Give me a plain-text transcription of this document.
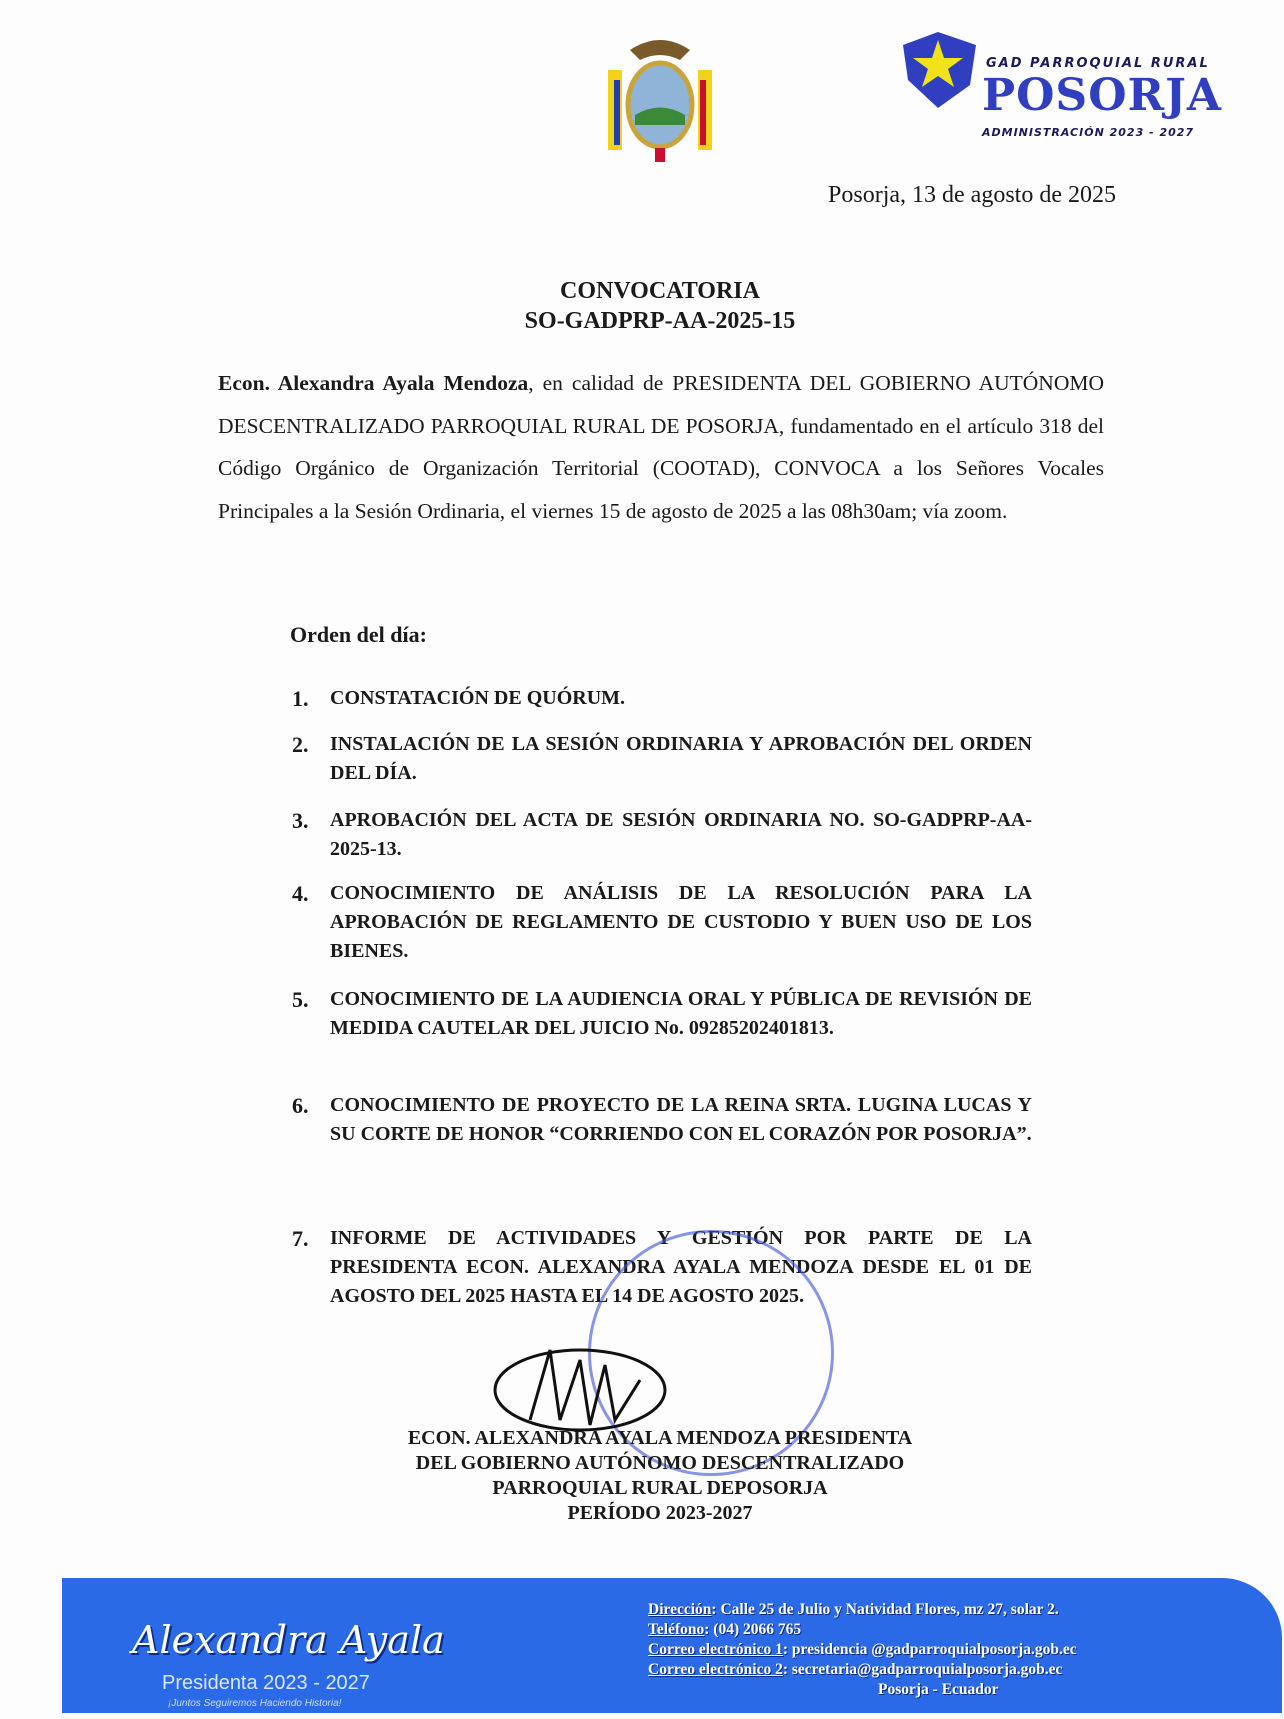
GAD PARROQUIAL RURAL
POSORJA
ADMINISTRACIÓN 2023 - 2027
Posorja, 13 de agosto de 2025
CONVOCATORIA
SO-GADPRP-AA-2025-15
Econ. Alexandra Ayala Mendoza, en calidad de PRESIDENTA DEL GOBIERNO AUTÓNOMO DESCENTRALIZADO PARROQUIAL RURAL DE POSORJA, fundamentado en el artículo 318 del Código Orgánico de Organización Territorial (COOTAD), CONVOCA a los Señores Vocales Principales a la Sesión Ordinaria, el viernes 15 de agosto de 2025 a las 08h30am; vía zoom.
Orden del día:
1. CONSTATACIÓN DE QUÓRUM.
2. INSTALACIÓN DE LA SESIÓN ORDINARIA Y APROBACIÓN DEL ORDEN DEL DÍA.
3. APROBACIÓN DEL ACTA DE SESIÓN ORDINARIA NO. SO-GADPRP-AA-2025-13.
4. CONOCIMIENTO DE ANÁLISIS DE LA RESOLUCIÓN PARA LA APROBACIÓN DE REGLAMENTO DE CUSTODIO Y BUEN USO DE LOS BIENES.
5. CONOCIMIENTO DE LA AUDIENCIA ORAL Y PÚBLICA DE REVISIÓN DE MEDIDA CAUTELAR DEL JUICIO No. 09285202401813.
6. CONOCIMIENTO DE PROYECTO DE LA REINA SRTA. LUGINA LUCAS Y SU CORTE DE HONOR “CORRIENDO CON EL CORAZÓN POR POSORJA”.
7. INFORME DE ACTIVIDADES Y GESTIÓN POR PARTE DE LA PRESIDENTA ECON. ALEXANDRA AYALA MENDOZA DESDE EL 01 DE AGOSTO DEL 2025 HASTA EL 14 DE AGOSTO 2025.
ECON. ALEXANDRA AYALA MENDOZA PRESIDENTA
DEL GOBIERNO AUTÓNOMO DESCENTRALIZADO
PARROQUIAL RURAL DEPOSORJA
PERÍODO 2023-2027
Alexandra Ayala
Presidenta 2023 - 2027
¡Juntos Seguiremos Haciendo Historia!
Dirección: Calle 25 de Julio y Natividad Flores, mz 27, solar 2.
Teléfono: (04) 2066 765
Correo electrónico 1: presidencia @gadparroquialposorja.gob.ec
Correo electrónico 2: secretaria@gadparroquialposorja.gob.ec
Posorja - Ecuador
